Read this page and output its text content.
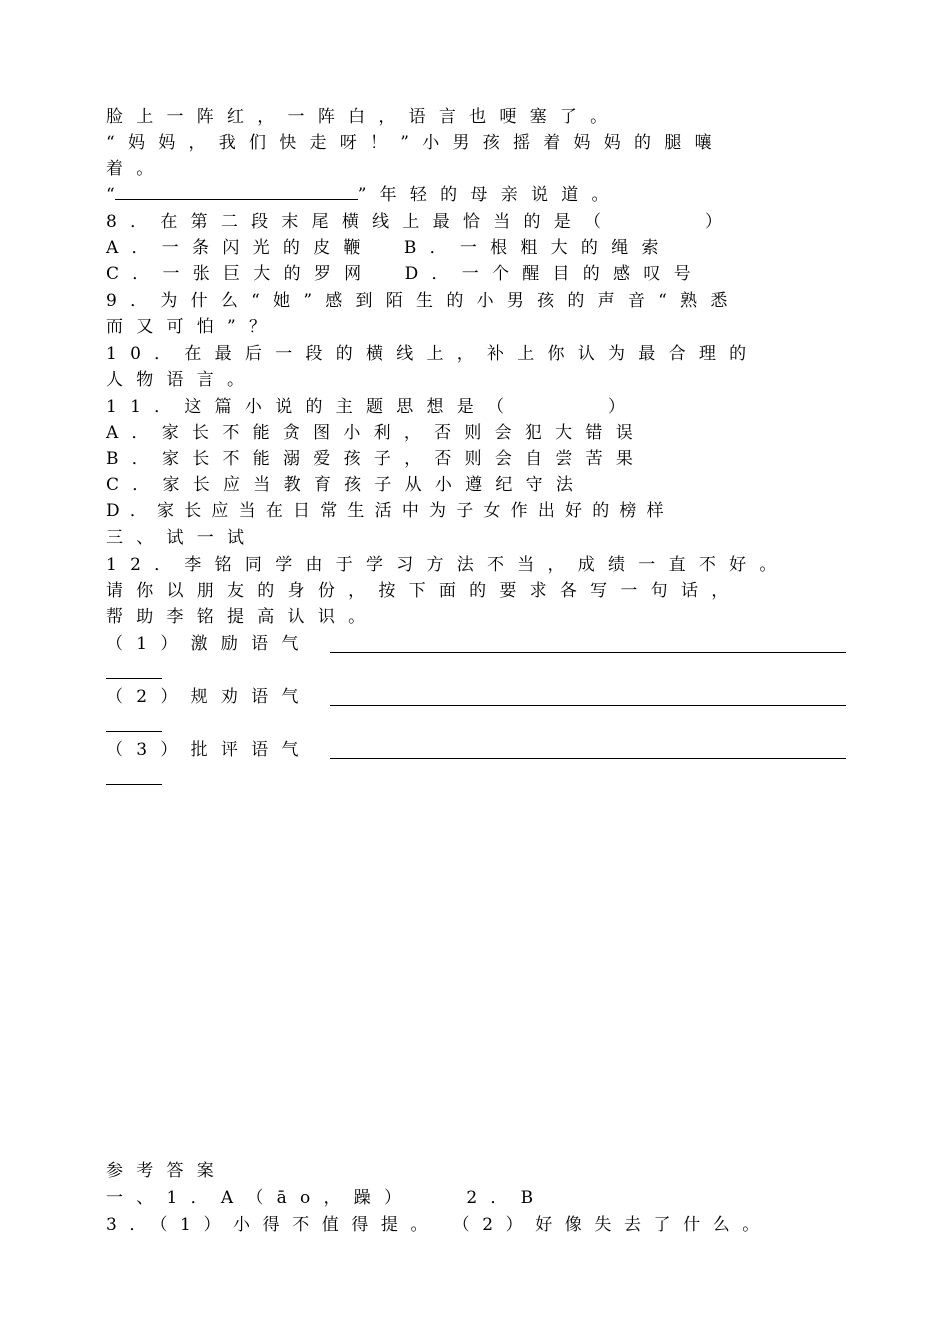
脸上一阵红，一阵白，语言也哽塞了。
“妈妈，我们快走呀！”小男孩摇着妈妈的腿嚷
着。
“	”年轻的母亲说道。
8．在第二段末尾横线上最恰当的是（　　　）
A．一条闪光的皮鞭　B．一根粗大的绳索
C．一张巨大的罗网　D．一个醒目的感叹号
9．为什么“她”感到陌生的小男孩的声音“熟悉
而又可怕”？
10．在最后一段的横线上，补上你认为最合理的
人物语言。
11．这篇小说的主题思想是（　　　）
A．家长不能贪图小利，否则会犯大错误
B．家长不能溺爱孩子，否则会自尝苦果
C．家长应当教育孩子从小遵纪守法
D．家长应当在日常生活中为子女作出好的榜样
三、试一试
12．李铭同学由于学习方法不当，成绩一直不好。
请你以朋友的身份，按下面的要求各写一句话，
帮助李铭提高认识。
（1）激励语气
（2）规劝语气
（3）批评语气
参考答案
一、1．A（āo，躁）　　2．B
3．（1）小得不值得提。　（2）好像失去了什么。
